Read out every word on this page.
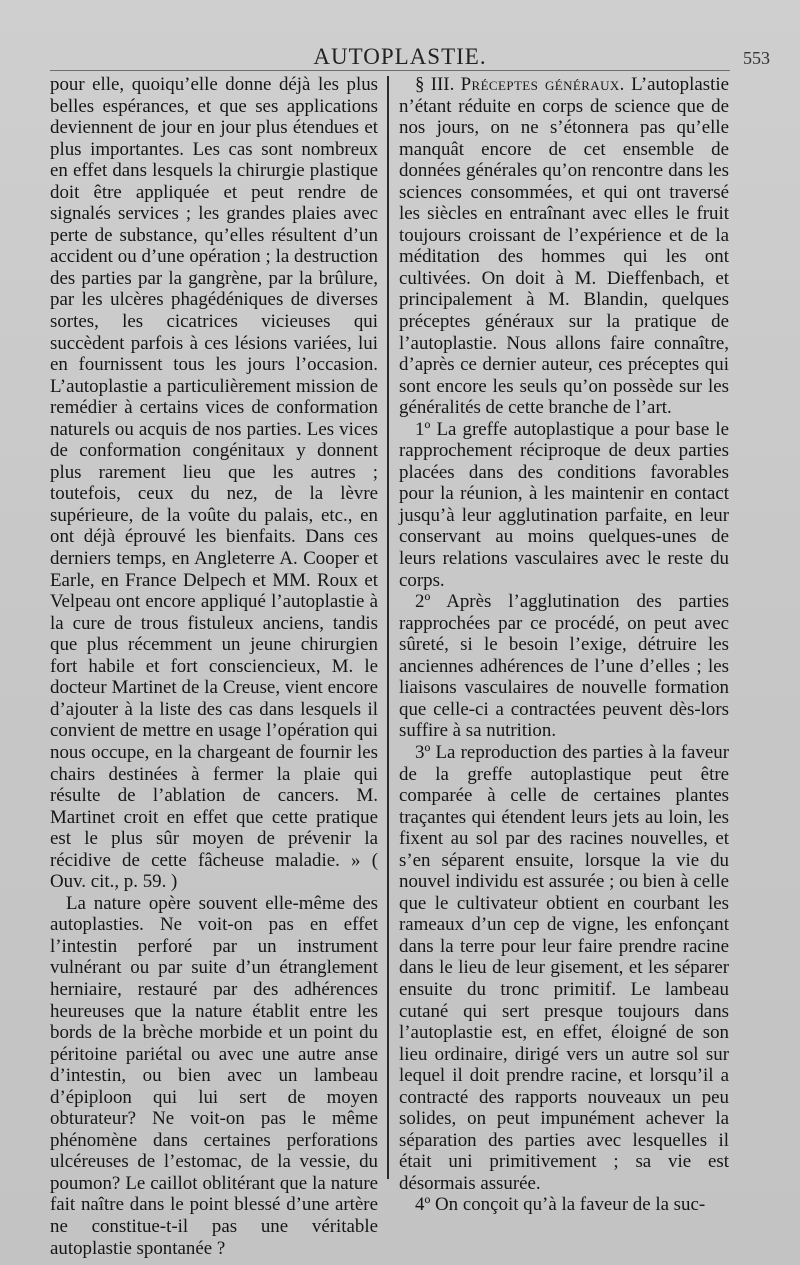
AUTOPLASTIE.	553

pour elle, quoiqu’elle donne déjà les plus belles espérances, et que ses applications deviennent de jour en jour plus étendues et plus importantes. Les cas sont nombreux en effet dans lesquels la chirurgie plastique doit être appliquée et peut rendre de signalés services ; les grandes plaies avec perte de substance, qu’elles résultent d’un accident ou d’une opération ; la destruction des parties par la gangrène, par la brûlure, par les ulcères phagédéniques de diverses sortes, les cicatrices vicieuses qui succèdent parfois à ces lésions variées, lui en fournissent tous les jours l’occasion. L’autoplastie a particulièrement mission de remédier à certains vices de conformation naturels ou acquis de nos parties. Les vices de conformation congénitaux y donnent plus rarement lieu que les autres ; toutefois, ceux du nez, de la lèvre supérieure, de la voûte du palais, etc., en ont déjà éprouvé les bienfaits. Dans ces derniers temps, en Angleterre A. Cooper et Earle, en France Delpech et MM. Roux et Velpeau ont encore appliqué l’autoplastie à la cure de trous fistuleux anciens, tandis que plus récemment un jeune chirurgien fort habile et fort consciencieux, M. le docteur Martinet de la Creuse, vient encore d’ajouter à la liste des cas dans lesquels il convient de mettre en usage l’opération qui nous occupe, en la chargeant de fournir les chairs destinées à fermer la plaie qui résulte de l’ablation de cancers. M. Martinet croit en effet que cette pratique est le plus sûr moyen de prévenir la récidive de cette fâcheuse maladie. » ( Ouv. cit., p. 59. )

La nature opère souvent elle-même des autoplasties. Ne voit-on pas en effet l’intestin perforé par un instrument vulnérant ou par suite d’un étranglement herniaire, restauré par des adhérences heureuses que la nature établit entre les bords de la brèche morbide et un point du péritoine pariétal ou avec une autre anse d’intestin, ou bien avec un lambeau d’épiploon qui lui sert de moyen obturateur? Ne voit-on pas le même phénomène dans certaines perforations ulcéreuses de l’estomac, de la vessie, du poumon? Le caillot oblitérant que la nature fait naître dans le point blessé d’une artère ne constitue-t-il pas une véritable autoplastie spontanée ?

§ III. Préceptes généraux. L’autoplastie n’étant réduite en corps de science que de nos jours, on ne s’étonnera pas qu’elle manquât encore de cet ensemble de données générales qu’on rencontre dans les sciences consommées, et qui ont traversé les siècles en entraînant avec elles le fruit toujours croissant de l’expérience et de la méditation des hommes qui les ont cultivées. On doit à M. Dieffenbach, et principalement à M. Blandin, quelques préceptes généraux sur la pratique de l’autoplastie. Nous allons faire connaître, d’après ce dernier auteur, ces préceptes qui sont encore les seuls qu’on possède sur les généralités de cette branche de l’art.

1º La greffe autoplastique a pour base le rapprochement réciproque de deux parties placées dans des conditions favorables pour la réunion, à les maintenir en contact jusqu’à leur agglutination parfaite, en leur conservant au moins quelques-unes de leurs relations vasculaires avec le reste du corps.

2º Après l’agglutination des parties rapprochées par ce procédé, on peut avec sûreté, si le besoin l’exige, détruire les anciennes adhérences de l’une d’elles ; les liaisons vasculaires de nouvelle formation que celle-ci a contractées peuvent dès-lors suffire à sa nutrition.

3º La reproduction des parties à la faveur de la greffe autoplastique peut être comparée à celle de certaines plantes traçantes qui étendent leurs jets au loin, les fixent au sol par des racines nouvelles, et s’en séparent ensuite, lorsque la vie du nouvel individu est assurée ; ou bien à celle que le cultivateur obtient en courbant les rameaux d’un cep de vigne, les enfonçant dans la terre pour leur faire prendre racine dans le lieu de leur gisement, et les séparer ensuite du tronc primitif. Le lambeau cutané qui sert presque toujours dans l’autoplastie est, en effet, éloigné de son lieu ordinaire, dirigé vers un autre sol sur lequel il doit prendre racine, et lorsqu’il a contracté des rapports nouveaux un peu solides, on peut impunément achever la séparation des parties avec lesquelles il était uni primitivement ; sa vie est désormais assurée.

4º On conçoit qu’à la faveur de la suc-
